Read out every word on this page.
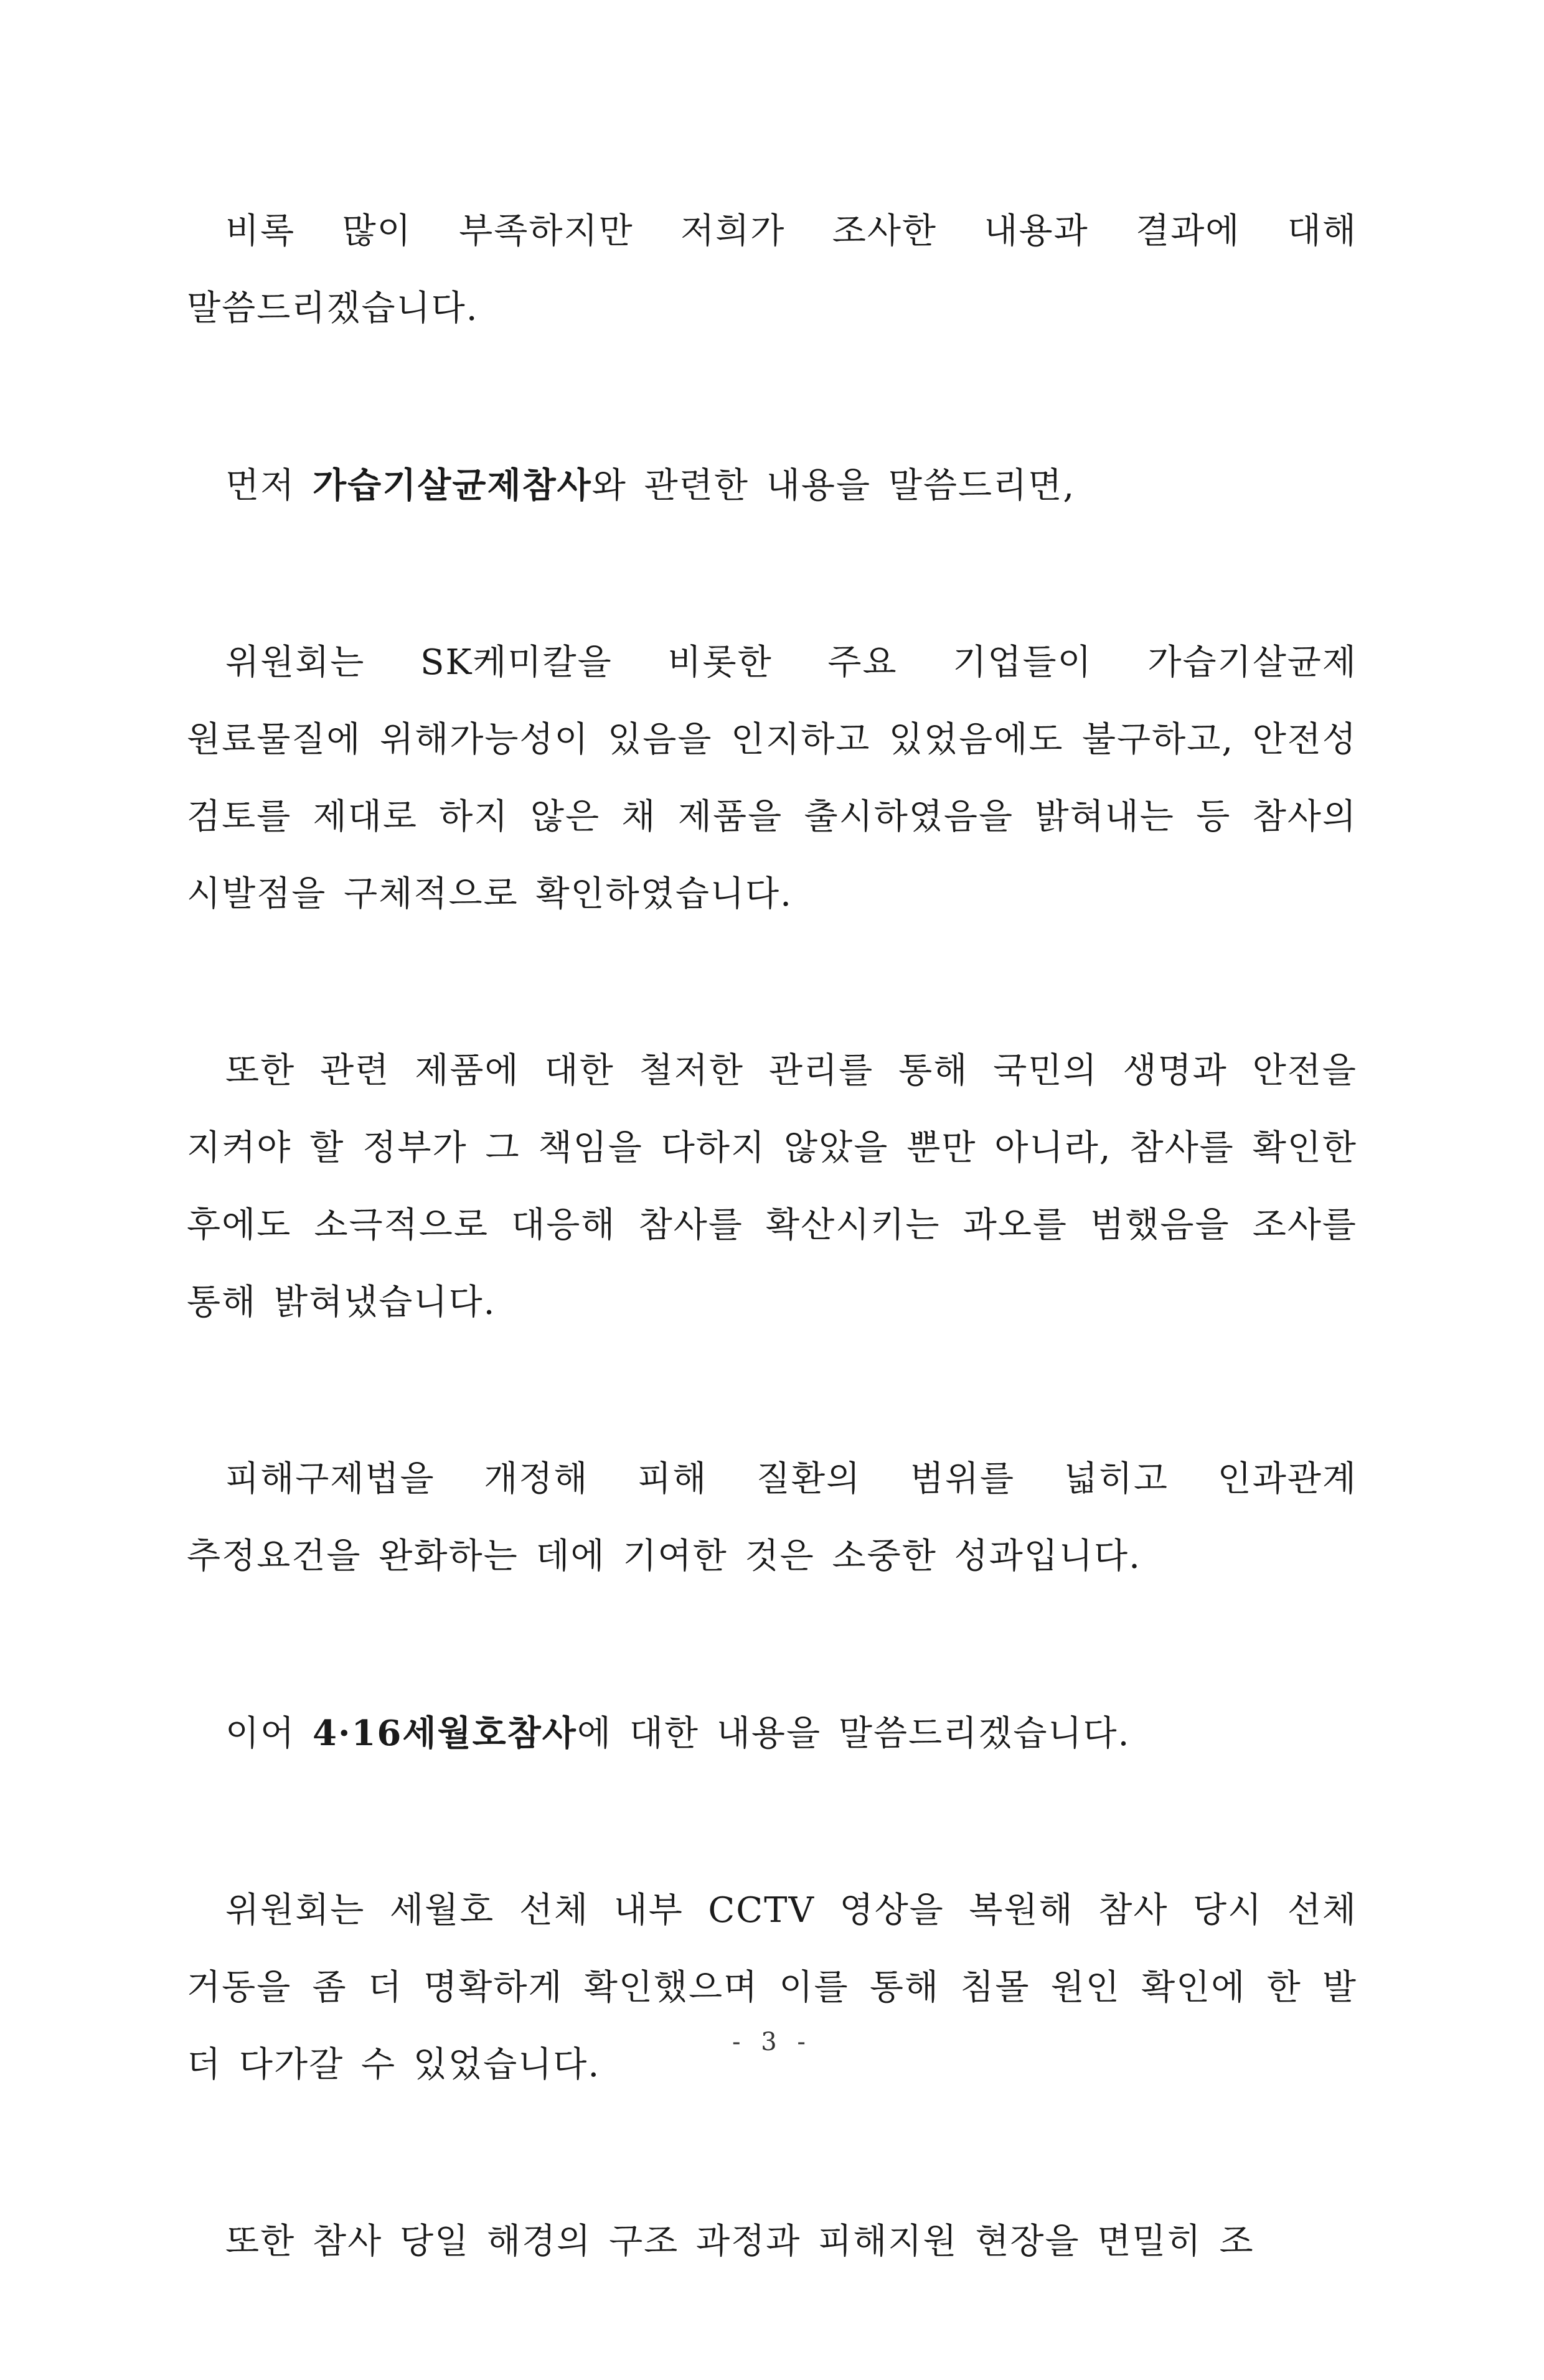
비록 많이 부족하지만 저희가 조사한 내용과 결과에 대해 말씀드리겠습니다.

먼저 가습기살균제참사와 관련한 내용을 말씀드리면,

위원회는 SK케미칼을 비롯한 주요 기업들이 가습기살균제 원료물질에 위해가능성이 있음을 인지하고 있었음에도 불구하고, 안전성 검토를 제대로 하지 않은 채 제품을 출시하였음을 밝혀내는 등 참사의 시발점을 구체적으로 확인하였습니다.

또한 관련 제품에 대한 철저한 관리를 통해 국민의 생명과 안전을 지켜야 할 정부가 그 책임을 다하지 않았을 뿐만 아니라, 참사를 확인한 후에도 소극적으로 대응해 참사를 확산시키는 과오를 범했음을 조사를 통해 밝혀냈습니다.

피해구제법을 개정해 피해 질환의 범위를 넓히고 인과관계 추정요건을 완화하는 데에 기여한 것은 소중한 성과입니다.

이어 4·16세월호참사에 대한 내용을 말씀드리겠습니다.

위원회는 세월호 선체 내부 CCTV 영상을 복원해 참사 당시 선체 거동을 좀 더 명확하게 확인했으며 이를 통해 침몰 원인 확인에 한 발 더 다가갈 수 있었습니다.

또한 참사 당일 해경의 구조 과정과 피해지원 현장을 면밀히 조

- 3 -
